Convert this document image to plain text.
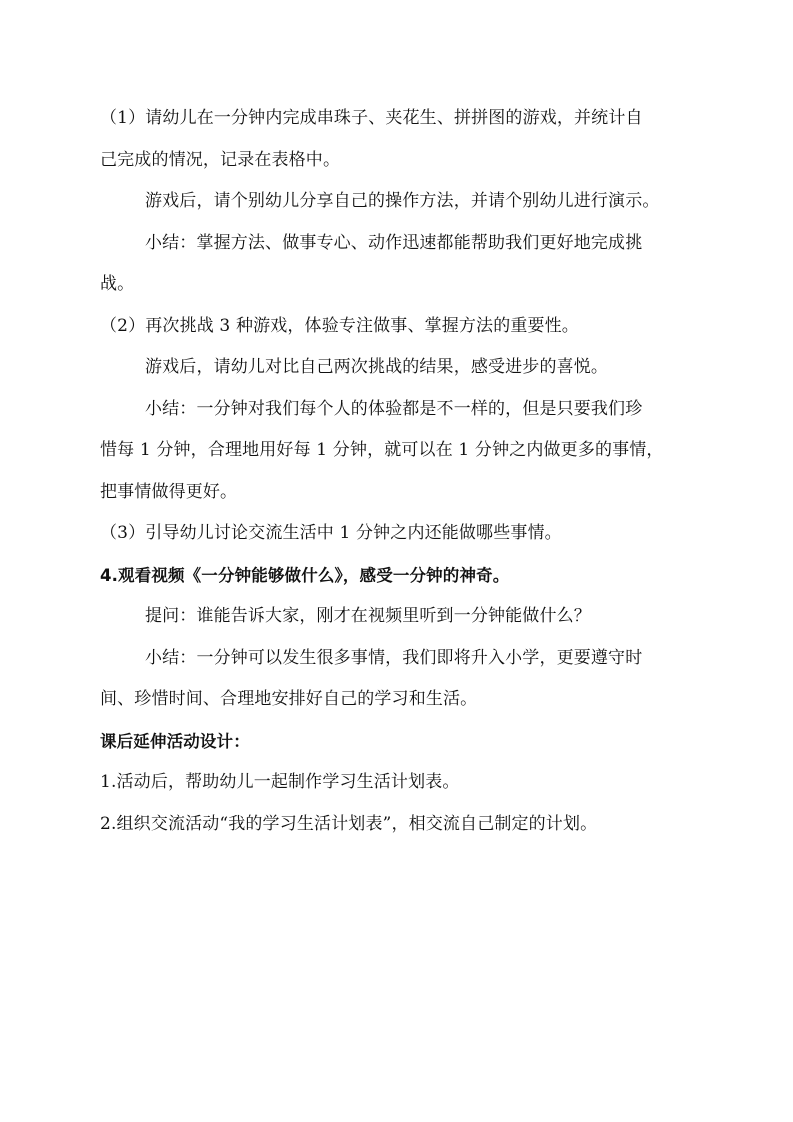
（1）请幼儿在一分钟内完成串珠子、夹花生、拼拼图的游戏，并统计自
己完成的情况，记录在表格中。
游戏后，请个别幼儿分享自己的操作方法，并请个别幼儿进行演示。
小结：掌握方法、做事专心、动作迅速都能帮助我们更好地完成挑
战。
（2）再次挑战 3 种游戏，体验专注做事、掌握方法的重要性。
游戏后，请幼儿对比自己两次挑战的结果，感受进步的喜悦。
小结：一分钟对我们每个人的体验都是不一样的，但是只要我们珍
惜每 1 分钟，合理地用好每 1 分钟，就可以在 1 分钟之内做更多的事情，
把事情做得更好。
（3）引导幼儿讨论交流生活中 1 分钟之内还能做哪些事情。
4.观看视频《一分钟能够做什么》，感受一分钟的神奇。
提问：谁能告诉大家，刚才在视频里听到一分钟能做什么？
小结：一分钟可以发生很多事情，我们即将升入小学，更要遵守时
间、珍惜时间、合理地安排好自己的学习和生活。
课后延伸活动设计：
1.活动后，帮助幼儿一起制作学习生活计划表。
2.组织交流活动“我的学习生活计划表”，相交流自己制定的计划。
